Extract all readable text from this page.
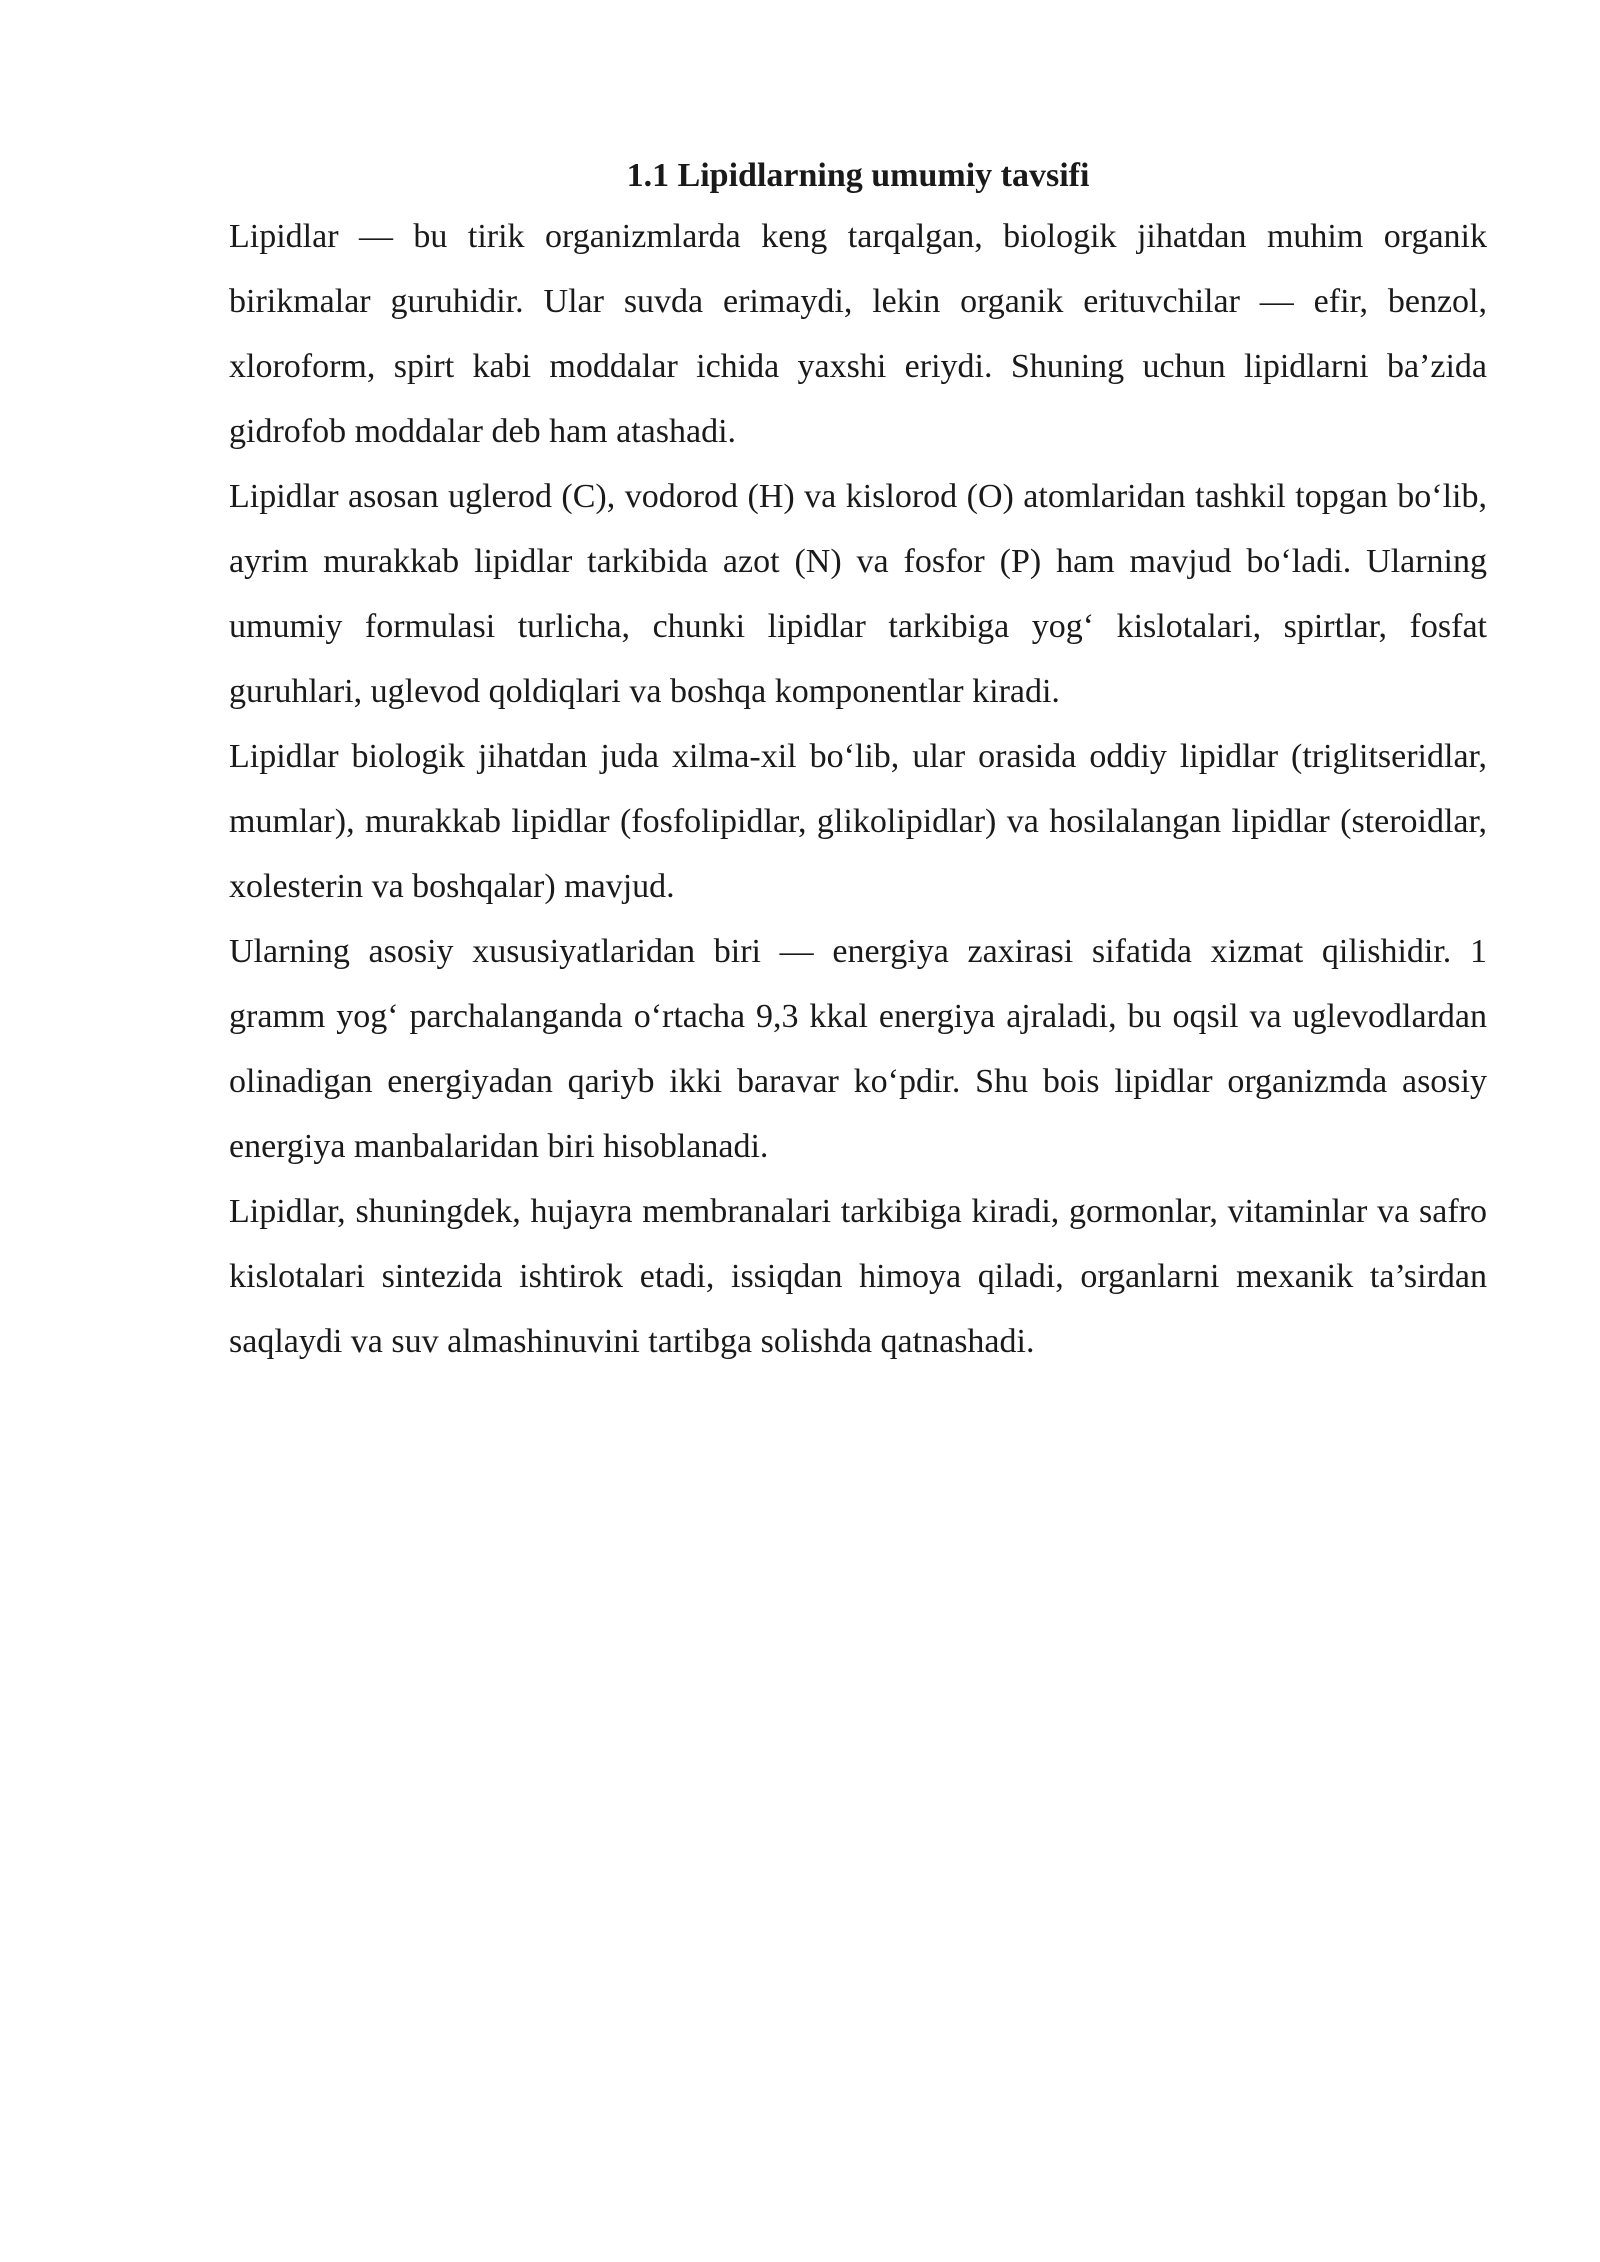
1.1 Lipidlarning umumiy tavsifi

Lipidlar — bu tirik organizmlarda keng tarqalgan, biologik jihatdan muhim organik birikmalar guruhidir. Ular suvda erimaydi, lekin organik erituvchilar — efir, benzol, xloroform, spirt kabi moddalar ichida yaxshi eriydi. Shuning uchun lipidlarni ba’zida gidrofob moddalar deb ham atashadi.

Lipidlar asosan uglerod (C), vodorod (H) va kislorod (O) atomlaridan tashkil topgan bo‘lib, ayrim murakkab lipidlar tarkibida azot (N) va fosfor (P) ham mavjud bo‘ladi. Ularning umumiy formulasi turlicha, chunki lipidlar tarkibiga yog‘ kislotalari, spirtlar, fosfat guruhlari, uglevod qoldiqlari va boshqa komponentlar kiradi.

Lipidlar biologik jihatdan juda xilma-xil bo‘lib, ular orasida oddiy lipidlar (triglitseridlar, mumlar), murakkab lipidlar (fosfolipidlar, glikolipidlar) va hosilalangan lipidlar (steroidlar, xolesterin va boshqalar) mavjud.

Ularning asosiy xususiyatlaridan biri — energiya zaxirasi sifatida xizmat qilishidir. 1 gramm yog‘ parchalanganda o‘rtacha 9,3 kkal energiya ajraladi, bu oqsil va uglevodlardan olinadigan energiyadan qariyb ikki baravar ko‘pdir. Shu bois lipidlar organizmda asosiy energiya manbalaridan biri hisoblanadi.

Lipidlar, shuningdek, hujayra membranalari tarkibiga kiradi, gormonlar, vitaminlar va safro kislotalari sintezida ishtirok etadi, issiqdan himoya qiladi, organlarni mexanik ta’sirdan saqlaydi va suv almashinuvini tartibga solishda qatnashadi.
